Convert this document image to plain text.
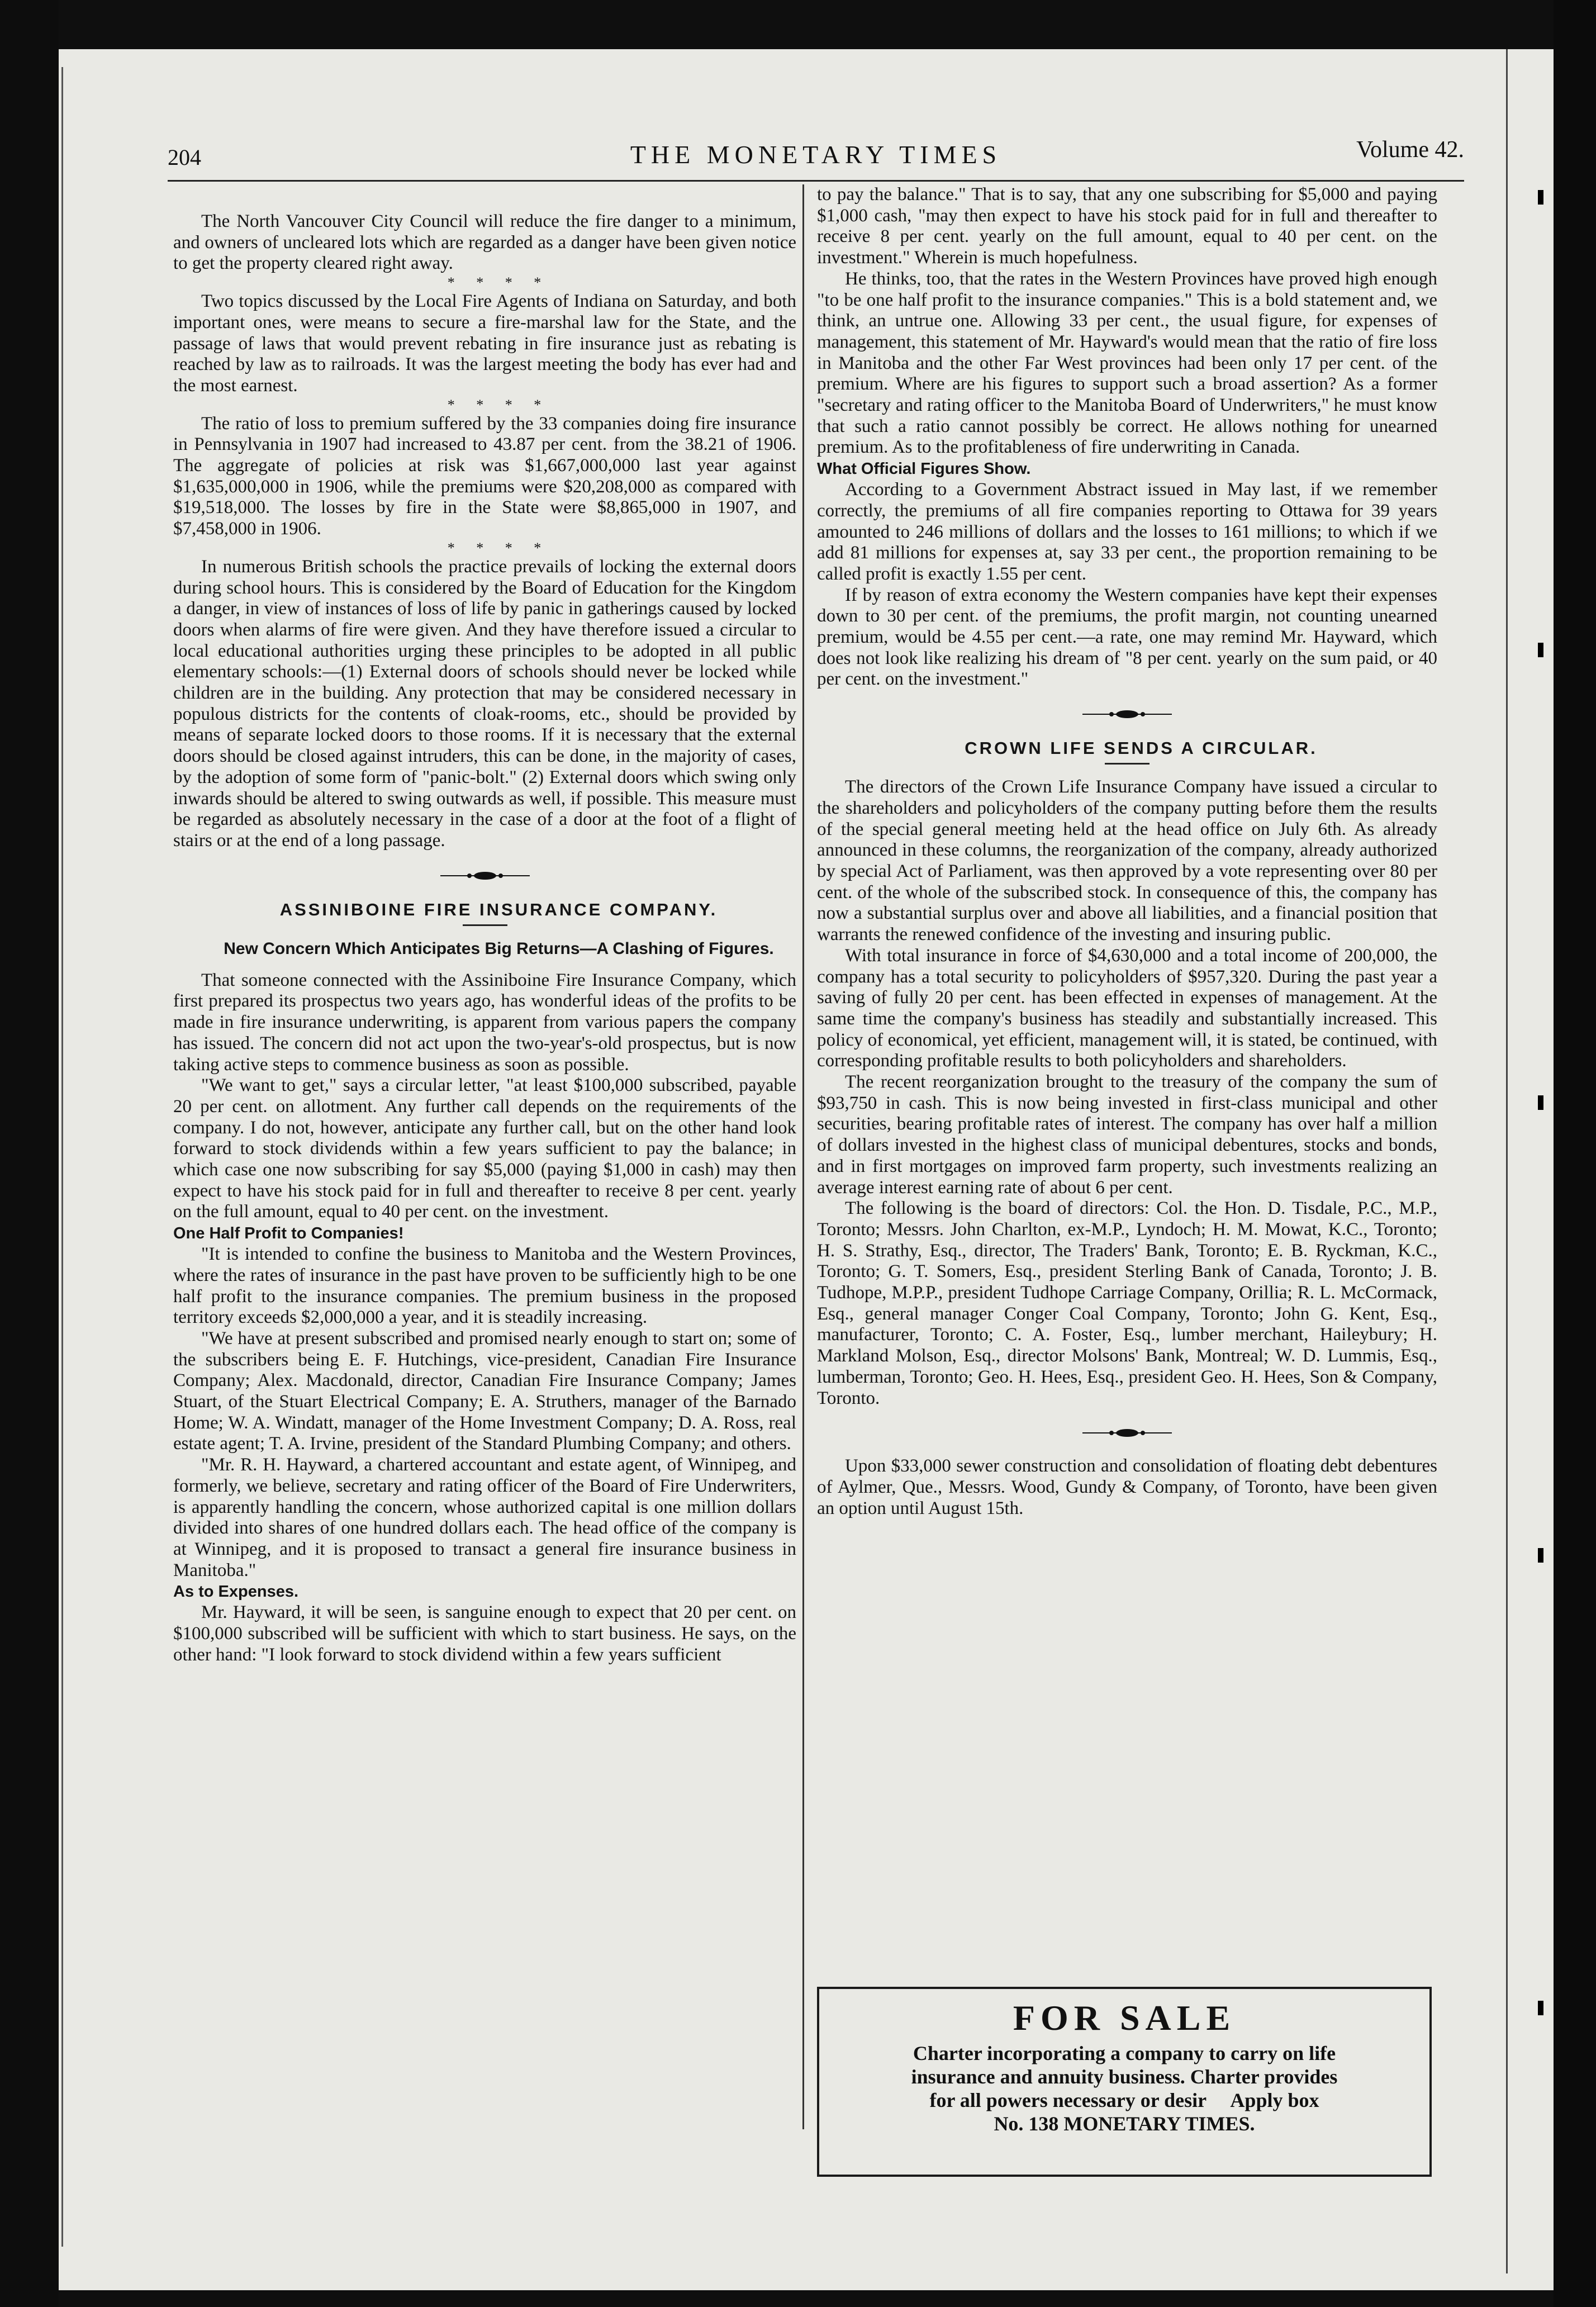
204	THE MONETARY TIMES	Volume 42.

The North Vancouver City Council will reduce the fire danger to a minimum, and owners of uncleared lots which are regarded as a danger have been given notice to get the property cleared right away.

* * * *

Two topics discussed by the Local Fire Agents of Indiana on Saturday, and both important ones, were means to secure a fire-marshal law for the State, and the passage of laws that would prevent rebating in fire insurance just as rebating is reached by law as to railroads. It was the largest meeting the body has ever had and the most earnest.

* * * *

The ratio of loss to premium suffered by the 33 companies doing fire insurance in Pennsylvania in 1907 had increased to 43.87 per cent. from the 38.21 of 1906. The aggregate of policies at risk was $1,667,000,000 last year against $1,635,000,000 in 1906, while the premiums were $20,208,000 as compared with $19,518,000. The losses by fire in the State were $8,865,000 in 1907, and $7,458,000 in 1906.

* * * *

In numerous British schools the practice prevails of locking the external doors during school hours. This is considered by the Board of Education for the Kingdom a danger, in view of instances of loss of life by panic in gatherings caused by locked doors when alarms of fire were given. And they have therefore issued a circular to local educational authorities urging these principles to be adopted in all public elementary schools:—(1) External doors of schools should never be locked while children are in the building. Any protection that may be considered necessary in populous districts for the contents of cloak-rooms, etc., should be provided by means of separate locked doors to those rooms. If it is necessary that the external doors should be closed against intruders, this can be done, in the majority of cases, by the adoption of some form of "panic-bolt." (2) External doors which swing only inwards should be altered to swing outwards as well, if possible. This measure must be regarded as absolutely necessary in the case of a door at the foot of a flight of stairs or at the end of a long passage.

ASSINIBOINE FIRE INSURANCE COMPANY.

New Concern Which Anticipates Big Returns—A Clashing of Figures.

That someone connected with the Assiniboine Fire Insurance Company, which first prepared its prospectus two years ago, has wonderful ideas of the profits to be made in fire insurance underwriting, is apparent from various papers the company has issued. The concern did not act upon the two-year's-old prospectus, but is now taking active steps to commence business as soon as possible.

"We want to get," says a circular letter, "at least $100,000 subscribed, payable 20 per cent. on allotment. Any further call depends on the requirements of the company. I do not, however, anticipate any further call, but on the other hand look forward to stock dividends within a few years sufficient to pay the balance; in which case one now subscribing for say $5,000 (paying $1,000 in cash) may then expect to have his stock paid for in full and thereafter to receive 8 per cent. yearly on the full amount, equal to 40 per cent. on the investment.

One Half Profit to Companies!

"It is intended to confine the business to Manitoba and the Western Provinces, where the rates of insurance in the past have proven to be sufficiently high to be one half profit to the insurance companies. The premium business in the proposed territory exceeds $2,000,000 a year, and it is steadily increasing.

"We have at present subscribed and promised nearly enough to start on; some of the subscribers being E. F. Hutchings, vice-president, Canadian Fire Insurance Company; Alex. Macdonald, director, Canadian Fire Insurance Company; James Stuart, of the Stuart Electrical Company; E. A. Struthers, manager of the Barnado Home; W. A. Windatt, manager of the Home Investment Company; D. A. Ross, real estate agent; T. A. Irvine, president of the Standard Plumbing Company; and others.

"Mr. R. H. Hayward, a chartered accountant and estate agent, of Winnipeg, and formerly, we believe, secretary and rating officer of the Board of Fire Underwriters, is apparently handling the concern, whose authorized capital is one million dollars divided into shares of one hundred dollars each. The head office of the company is at Winnipeg, and it is proposed to transact a general fire insurance business in Manitoba."

As to Expenses.

Mr. Hayward, it will be seen, is sanguine enough to expect that 20 per cent. on $100,000 subscribed will be sufficient with which to start business. He says, on the other hand: "I look forward to stock dividend within a few years sufficient

to pay the balance." That is to say, that any one subscribing for $5,000 and paying $1,000 cash, "may then expect to have his stock paid for in full and thereafter to receive 8 per cent. yearly on the full amount, equal to 40 per cent. on the investment." Wherein is much hopefulness.

He thinks, too, that the rates in the Western Provinces have proved high enough "to be one half profit to the insurance companies." This is a bold statement and, we think, an untrue one. Allowing 33 per cent., the usual figure, for expenses of management, this statement of Mr. Hayward's would mean that the ratio of fire loss in Manitoba and the other Far West provinces had been only 17 per cent. of the premium. Where are his figures to support such a broad assertion? As a former "secretary and rating officer to the Manitoba Board of Underwriters," he must know that such a ratio cannot possibly be correct. He allows nothing for unearned premium. As to the profitableness of fire underwriting in Canada.

What Official Figures Show.

According to a Government Abstract issued in May last, if we remember correctly, the premiums of all fire companies reporting to Ottawa for 39 years amounted to 246 millions of dollars and the losses to 161 millions; to which if we add 81 millions for expenses at, say 33 per cent., the proportion remaining to be called profit is exactly 1.55 per cent.

If by reason of extra economy the Western companies have kept their expenses down to 30 per cent. of the premiums, the profit margin, not counting unearned premium, would be 4.55 per cent.—a rate, one may remind Mr. Hayward, which does not look like realizing his dream of "8 per cent. yearly on the sum paid, or 40 per cent. on the investment."

CROWN LIFE SENDS A CIRCULAR.

The directors of the Crown Life Insurance Company have issued a circular to the shareholders and policyholders of the company putting before them the results of the special general meeting held at the head office on July 6th. As already announced in these columns, the reorganization of the company, already authorized by special Act of Parliament, was then approved by a vote representing over 80 per cent. of the whole of the subscribed stock. In consequence of this, the company has now a substantial surplus over and above all liabilities, and a financial position that warrants the renewed confidence of the investing and insuring public.

With total insurance in force of $4,630,000 and a total income of 200,000, the company has a total security to policyholders of $957,320. During the past year a saving of fully 20 per cent. has been effected in expenses of management. At the same time the company's business has steadily and substantially increased. This policy of economical, yet efficient, management will, it is stated, be continued, with corresponding profitable results to both policyholders and shareholders.

The recent reorganization brought to the treasury of the company the sum of $93,750 in cash. This is now being invested in first-class municipal and other securities, bearing profitable rates of interest. The company has over half a million of dollars invested in the highest class of municipal debentures, stocks and bonds, and in first mortgages on improved farm property, such investments realizing an average interest earning rate of about 6 per cent.

The following is the board of directors: Col. the Hon. D. Tisdale, P.C., M.P., Toronto; Messrs. John Charlton, ex-M.P., Lyndoch; H. M. Mowat, K.C., Toronto; H. S. Strathy, Esq., director, The Traders' Bank, Toronto; E. B. Ryckman, K.C., Toronto; G. T. Somers, Esq., president Sterling Bank of Canada, Toronto; J. B. Tudhope, M.P.P., president Tudhope Carriage Company, Orillia; R. L. McCormack, Esq., general manager Conger Coal Company, Toronto; John G. Kent, Esq., manufacturer, Toronto; C. A. Foster, Esq., lumber merchant, Haileybury; H. Markland Molson, Esq., director Molsons' Bank, Montreal; W. D. Lummis, Esq., lumberman, Toronto; Geo. H. Hees, Esq., president Geo. H. Hees, Son & Company, Toronto.

Upon $33,000 sewer construction and consolidation of floating debt debentures of Aylmer, Que., Messrs. Wood, Gundy & Company, of Toronto, have been given an option until August 15th.

FOR SALE
Charter incorporating a company to carry on life
insurance and annuity business. Charter provides
for all powers necessary or desir     Apply box
No. 138 MONETARY TIMES.
